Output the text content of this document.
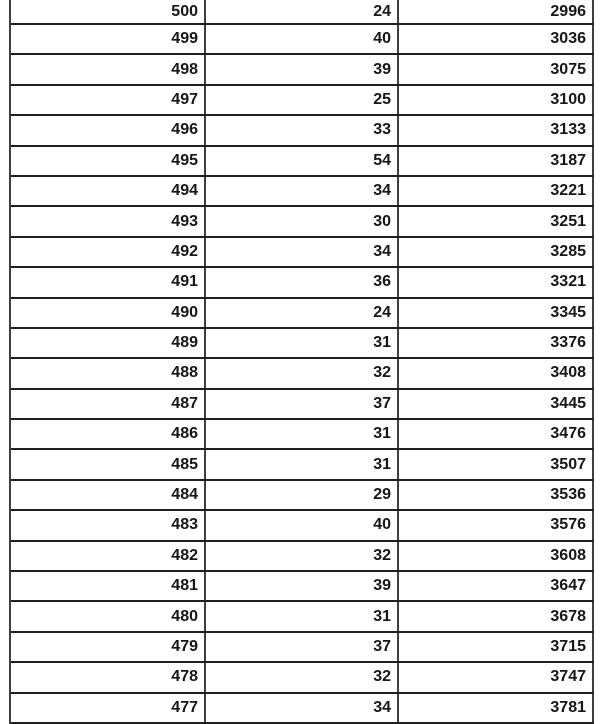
500	24	2996
499	40	3036
498	39	3075
497	25	3100
496	33	3133
495	54	3187
494	34	3221
493	30	3251
492	34	3285
491	36	3321
490	24	3345
489	31	3376
488	32	3408
487	37	3445
486	31	3476
485	31	3507
484	29	3536
483	40	3576
482	32	3608
481	39	3647
480	31	3678
479	37	3715
478	32	3747
477	34	3781
